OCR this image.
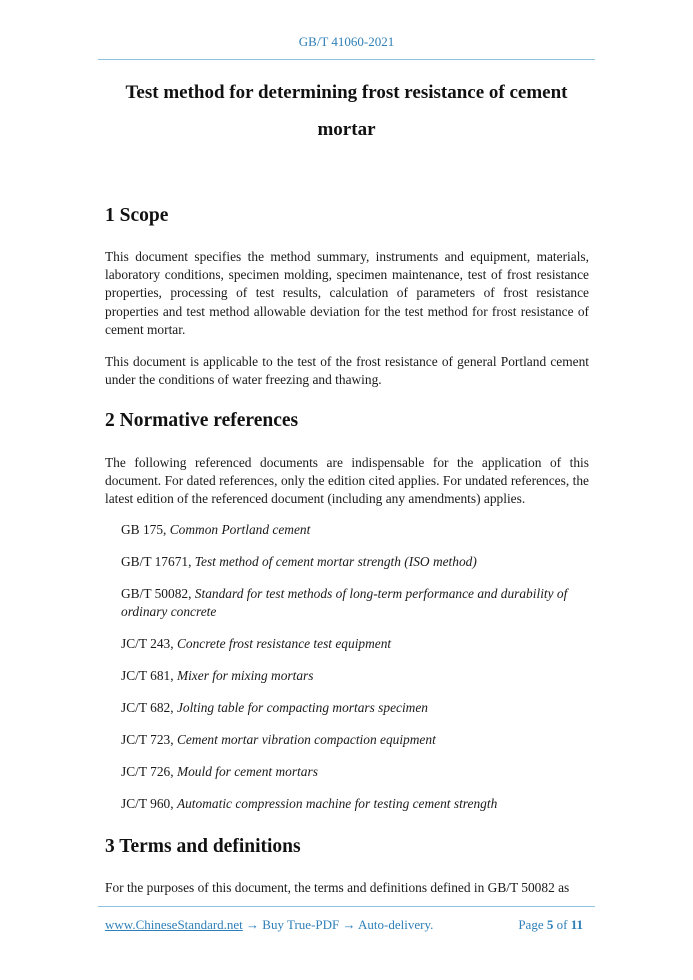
GB/T 41060-2021
Test method for determining frost resistance of cement
mortar
1 Scope
This document specifies the method summary, instruments and equipment, materials, laboratory conditions, specimen molding, specimen maintenance, test of frost resistance properties, processing of test results, calculation of parameters of frost resistance properties and test method allowable deviation for the test method for frost resistance of cement mortar.
This document is applicable to the test of the frost resistance of general Portland cement under the conditions of water freezing and thawing.
2 Normative references
The following referenced documents are indispensable for the application of this document. For dated references, only the edition cited applies. For undated references, the latest edition of the referenced document (including any amendments) applies.
GB 175, Common Portland cement
GB/T 17671, Test method of cement mortar strength (ISO method)
GB/T 50082, Standard for test methods of long-term performance and durability of ordinary concrete
JC/T 243, Concrete frost resistance test equipment
JC/T 681, Mixer for mixing mortars
JC/T 682, Jolting table for compacting mortars specimen
JC/T 723, Cement mortar vibration compaction equipment
JC/T 726, Mould for cement mortars
JC/T 960, Automatic compression machine for testing cement strength
3 Terms and definitions
For the purposes of this document, the terms and definitions defined in GB/T 50082 as
www.ChineseStandard.net → Buy True-PDF → Auto-delivery.	Page 5 of 11
